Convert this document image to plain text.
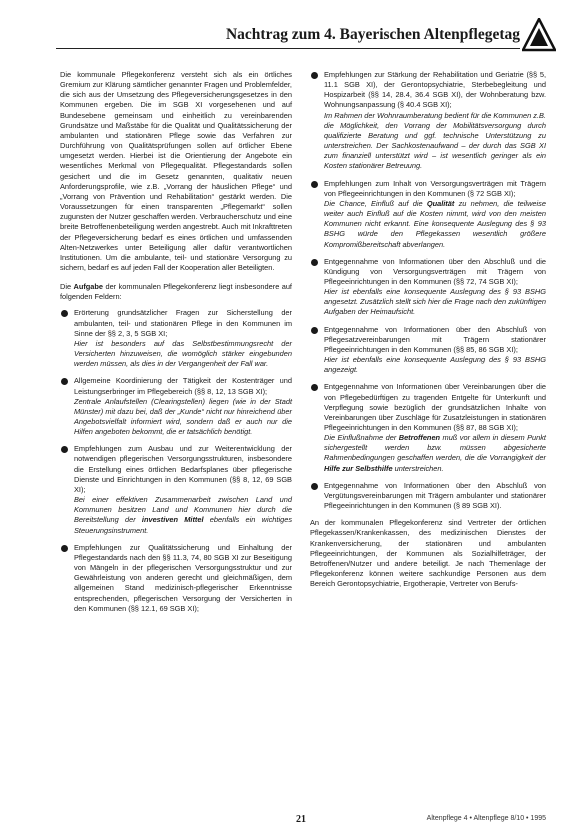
Nachtrag zum 4. Bayerischen Altenpflegetag

Die kommunale Pflegekonferenz versteht sich als ein örtliches Gremium zur Klärung sämtlicher genannter Fragen und Problemfelder, die sich aus der Umsetzung des Pflegeversicherungsgesetzes in den Kommunen ergeben. Die im SGB XI vorgesehenen und auf Bundesebene gemeinsam und einheitlich zu vereinbarenden Grundsätze und Maßstäbe für die Qualität und Qualitätssicherung der ambulanten und stationären Pflege sowie das Verfahren zur Durchführung von Qualitätsprüfungen sollen auf örtlicher Ebene umgesetzt werden. Hierbei ist die Orientierung der Angebote ein wesentliches Merkmal von Pflegequalität. Pflegestandards sollen gesichert und die im Gesetz genannten, qualitativ neuen Anforderungsprofile, wie z.B. „Vorrang der häuslichen Pflege“ und „Vorrang von Prävention und Rehabilitation“ gestärkt werden. Die Voraussetzungen für einen transparenten „Pflegemarkt“ sollen zugunsten der Nutzer geschaffen werden. Verbraucherschutz und eine breite Betroffenenbeteiligung werden angestrebt. Auch mit Inkrafttreten der Pflegeversicherung bedarf es eines örtlichen und umfassenden Alten-Netzwerkes unter Beteiligung aller dafür verantwortlichen Institutionen. Um die ambulante, teil- und stationäre Versorgung zu sichern, bedarf es auf jeden Fall der Kooperation aller Beteiligten.

Die Aufgabe der kommunalen Pflegekonferenz liegt insbesondere auf folgenden Feldern:

Erörterung grundsätzlicher Fragen zur Sicherstellung der ambulanten, teil- und stationären Pflege in den Kommunen im Sinne der §§ 2, 3, 5 SGB XI;
Hier ist besonders auf das Selbstbestimmungsrecht der Versicherten hinzuweisen, die womöglich stärker eingebunden werden müssen, als dies in der Vergangenheit der Fall war.
Allgemeine Koordinierung der Tätigkeit der Kostenträger und Leistungserbringer im Pflegebereich (§§ 8, 12, 13 SGB XI);
Zentrale Anlaufstellen (Clearingstellen) liegen (wie in der Stadt Münster) mit dazu bei, daß der „Kunde“ nicht nur hinreichend über Angebotsvielfalt informiert wird, sondern daß er auch nur die Hilfen angeboten bekommt, die er tatsächlich benötigt.
Empfehlungen zum Ausbau und zur Weiterentwicklung der notwendigen pflegerischen Versorgungsstrukturen, insbesondere die Erstellung eines örtlichen Bedarfsplanes über pflegerische Dienste und Einrichtungen in den Kommunen (§§ 8, 12, 69 SGB XI);
Bei einer effektiven Zusammenarbeit zwischen Land und Kommunen besitzen Land und Kommunen hier durch die Bereitstellung der investiven Mittel ebenfalls ein wichtiges Steuerungsinstrument.
Empfehlungen zur Qualitätssicherung und Einhaltung der Pflegestandards nach den §§ 11.3, 74, 80 SGB XI zur Beseitigung von Mängeln in der pflegerischen Versorgungsstruktur und zur Gewährleistung von anderen gerecht und gleichmäßigen, dem allgemeinen Stand medizinisch-pflegerischer Erkenntnisse entsprechenden, pflegerischen Versorgung der Versicherten in den Kommunen (§§ 12.1, 69 SGB XI);
Empfehlungen zur Stärkung der Rehabilitation und Geriatrie (§§ 5, 11.1 SGB XI), der Gerontopsychiatrie, Sterbebegleitung und Hospizarbeit (§§ 14, 28.4, 36.4 SGB XI), der Wohnberatung bzw. Wohnungsanpassung (§ 40.4 SGB XI);
Im Rahmen der Wohnraumberatung bedient für die Kommunen z.B. die Möglichkeit, den Vorrang der Mobilitätsversorgung durch qualifizierte Beratung und ggf. technische Unterstützung zu unterstreichen. Der Sachkostenaufwand – der durch das SGB XI zum finanziell unterstützt wird – ist wesentlich geringer als ein Kosten stationärer Betreuung.
Empfehlungen zum Inhalt von Versorgungsverträgen mit Trägern von Pflegeeinrichtungen in den Kommunen (§ 72 SGB XI);
Die Chance, Einfluß auf die Qualität zu nehmen, die teilweise weiter auch Einfluß auf die Kosten nimmt, wird von den meisten Kommunen nicht erkannt. Eine konsequente Auslegung des § 93 BSHG würde den Pflegekassen wesentlich größere Kompromißbereitschaft abverlangen.
Entgegennahme von Informationen über den Abschluß und die Kündigung von Versorgungsverträgen mit Trägern von Pflegeeinrichtungen in den Kommunen (§§ 72, 74 SGB XI);
Hier ist ebenfalls eine konsequente Auslegung des § 93 BSHG angesetzt. Zusätzlich stellt sich hier die Frage nach den zukünftigen Aufgaben der Heimaufsicht.
Entgegennahme von Informationen über den Abschluß von Pflegesatzvereinbarungen mit Trägern stationärer Pflegeeinrichtungen in den Kommunen (§§ 85, 86 SGB XI);
Hier ist ebenfalls eine konsequente Auslegung des § 93 BSHG angezeigt.
Entgegennahme von Informationen über Vereinbarungen über die von Pflegebedürftigen zu tragenden Entgelte für Unterkunft und Verpflegung sowie bezüglich der grundsätzlichen Inhalte von Vereinbarungen über Zuschläge für Zusatzleistungen in stationären Pflegeeinrichtungen in den Kommunen (§§ 87, 88 SGB XI);
Die Einflußnahme der Betroffenen muß vor allem in diesem Punkt sichergestellt werden bzw. müssen abgesicherte Rahmenbedingungen geschaffen werden, die die Vorrangigkeit der Hilfe zur Selbsthilfe unterstreichen.
Entgegennahme von Informationen über den Abschluß von Vergütungsvereinbarungen mit Trägern ambulanter und stationärer Pflegeeinrichtungen in den Kommunen (§ 89 SGB XI).

An der kommunalen Pflegekonferenz sind Vertreter der örtlichen Pflegekassen/Krankenkassen, des medizinischen Dienstes der Krankenversicherung, der stationären und ambulanten Pflegeeinrichtungen, der Kommunen als Sozialhilfeträger, der Betroffenen/Nutzer und andere beteiligt. Je nach Themenlage der Pflegekonferenz können weitere sachkundige Personen aus dem Bereich Gerontopsychiatrie, Ergotherapie, Vertreter von Berufs-

21	Altenpflege 4 • Altenpflege 8/10 • 1995
